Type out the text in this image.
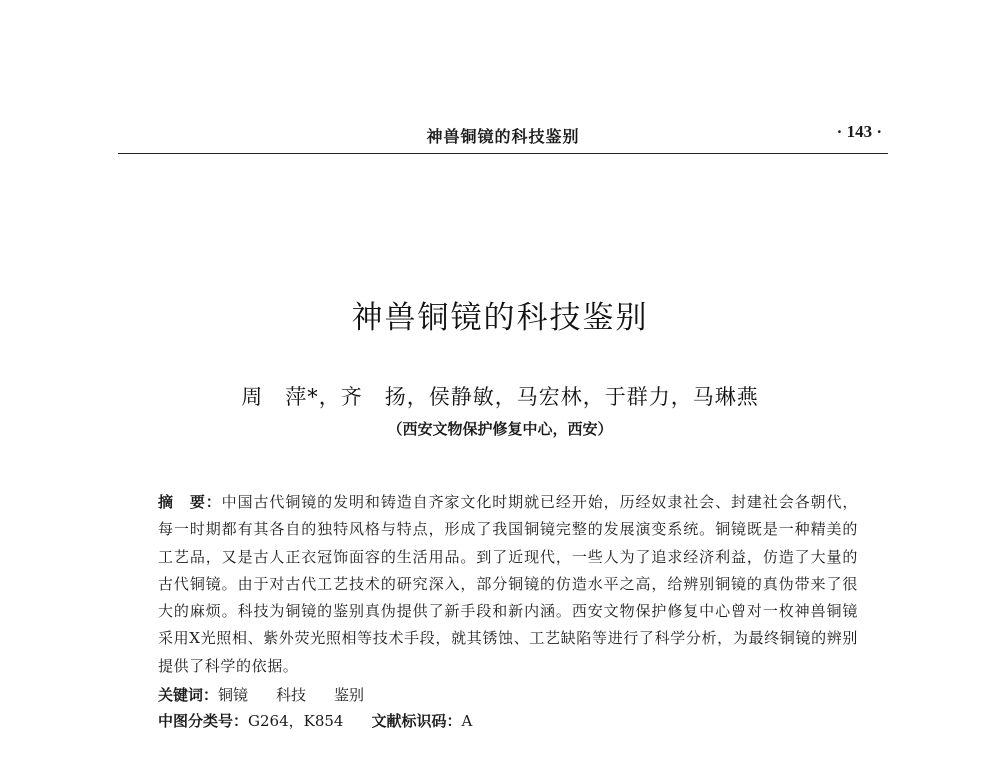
神兽铜镜的科技鉴别	· 143 ·
神兽铜镜的科技鉴别
周　萍*，齐　扬，侯静敏，马宏林，于群力，马琳燕
（西安文物保护修复中心，西安）
摘　要：中国古代铜镜的发明和铸造自齐家文化时期就已经开始，历经奴隶社会、封建社会各朝代，每一时期都有其各自的独特风格与特点，形成了我国铜镜完整的发展演变系统。铜镜既是一种精美的工艺品，又是古人正衣冠饰面容的生活用品。到了近现代，一些人为了追求经济利益，仿造了大量的古代铜镜。由于对古代工艺技术的研究深入，部分铜镜的仿造水平之高，给辨别铜镜的真伪带来了很大的麻烦。科技为铜镜的鉴别真伪提供了新手段和新内涵。西安文物保护修复中心曾对一枚神兽铜镜采用X光照相、紫外荧光照相等技术手段，就其锈蚀、工艺缺陷等进行了科学分析，为最终铜镜的辨别提供了科学的依据。
关键词：铜镜 科技 鉴别
中图分类号：G264，K854 文献标识码：A
